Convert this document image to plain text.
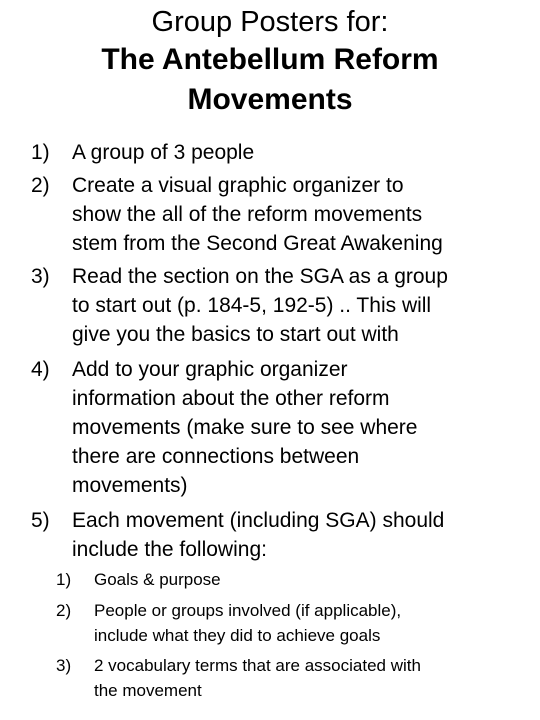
Group Posters for:
The Antebellum Reform
Movements
1) A group of 3 people
2) Create a visual graphic organizer to
show the all of the reform movements
stem from the Second Great Awakening
3) Read the section on the SGA as a group
to start out (p. 184-5, 192-5) .. This will
give you the basics to start out with
4) Add to your graphic organizer
information about the other reform
movements (make sure to see where
there are connections between
movements)
5) Each movement (including SGA) should
include the following:
1) Goals & purpose
2) People or groups involved (if applicable),
include what they did to achieve goals
3) 2 vocabulary terms that are associated with
the movement
